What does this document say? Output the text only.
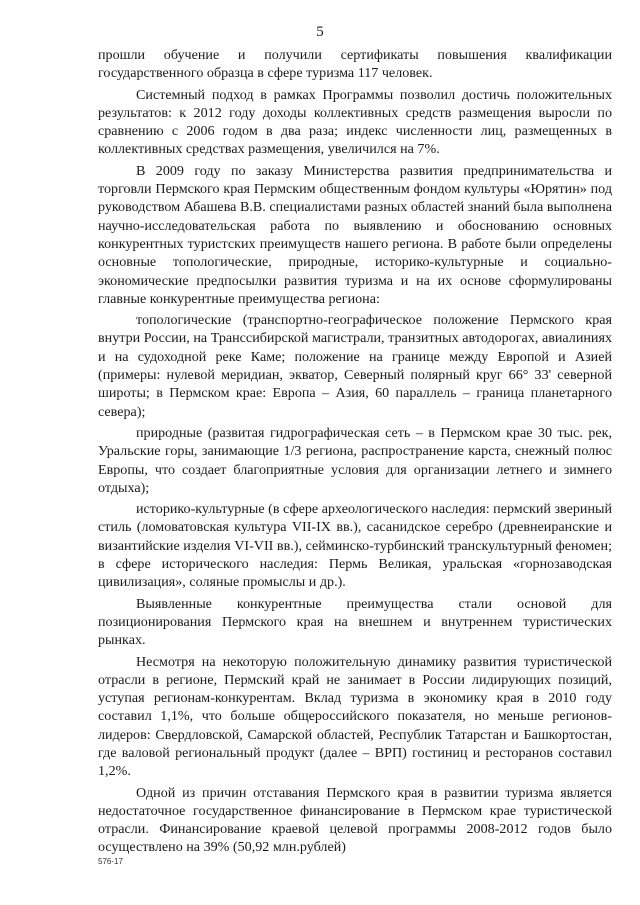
5

прошли обучение и получили сертификаты повышения квалификации государственного образца в сфере туризма 117 человек.

Системный подход в рамках Программы позволил достичь положительных результатов: к 2012 году доходы коллективных средств размещения выросли по сравнению с 2006 годом в два раза; индекс численности лиц, размещенных в коллективных средствах размещения, увеличился на 7%.

В 2009 году по заказу Министерства развития предпринимательства и торговли Пермского края Пермским общественным фондом культуры «Юрятин» под руководством Абашева В.В. специалистами разных областей знаний была выполнена научно-исследовательская работа по выявлению и обоснованию основных конкурентных туристских преимуществ нашего региона. В работе были определены основные топологические, природные, историко-культурные и социально-экономические предпосылки развития туризма и на их основе сформулированы главные конкурентные преимущества региона:

топологические (транспортно-географическое положение Пермского края внутри России, на Транссибирской магистрали, транзитных автодорогах, авиалиниях и на судоходной реке Каме; положение на границе между Европой и Азией (примеры: нулевой меридиан, экватор, Северный полярный круг 66° 33' северной широты; в Пермском крае: Европа – Азия, 60 параллель – граница планетарного севера);

природные (развитая гидрографическая сеть – в Пермском крае 30 тыс. рек, Уральские горы, занимающие 1/3 региона, распространение карста, снежный полюс Европы, что создает благоприятные условия для организации летнего и зимнего отдыха);

историко-культурные (в сфере археологического наследия: пермский звериный стиль (ломоватовская культура VII-IX вв.), сасанидское серебро (древнеиранские и византийские изделия VI-VII вв.), сейминско-турбинский транскультурный феномен; в сфере исторического наследия: Пермь Великая, уральская «горнозаводская цивилизация», соляные промыслы и др.).

Выявленные конкурентные преимущества стали основой для позиционирования Пермского края на внешнем и внутреннем туристических рынках.

Несмотря на некоторую положительную динамику развития туристической отрасли в регионе, Пермский край не занимает в России лидирующих позиций, уступая регионам-конкурентам. Вклад туризма в экономику края в 2010 году составил 1,1%, что больше общероссийского показателя, но меньше регионов-лидеров: Свердловской, Самарской областей, Республик Татарстан и Башкортостан, где валовой региональный продукт (далее – ВРП) гостиниц и ресторанов составил 1,2%.

Одной из причин отставания Пермского края в развитии туризма является недостаточное государственное финансирование в Пермском крае туристической отрасли. Финансирование краевой целевой программы 2008-2012 годов было осуществлено на 39% (50,92 млн.рублей)

576-17
